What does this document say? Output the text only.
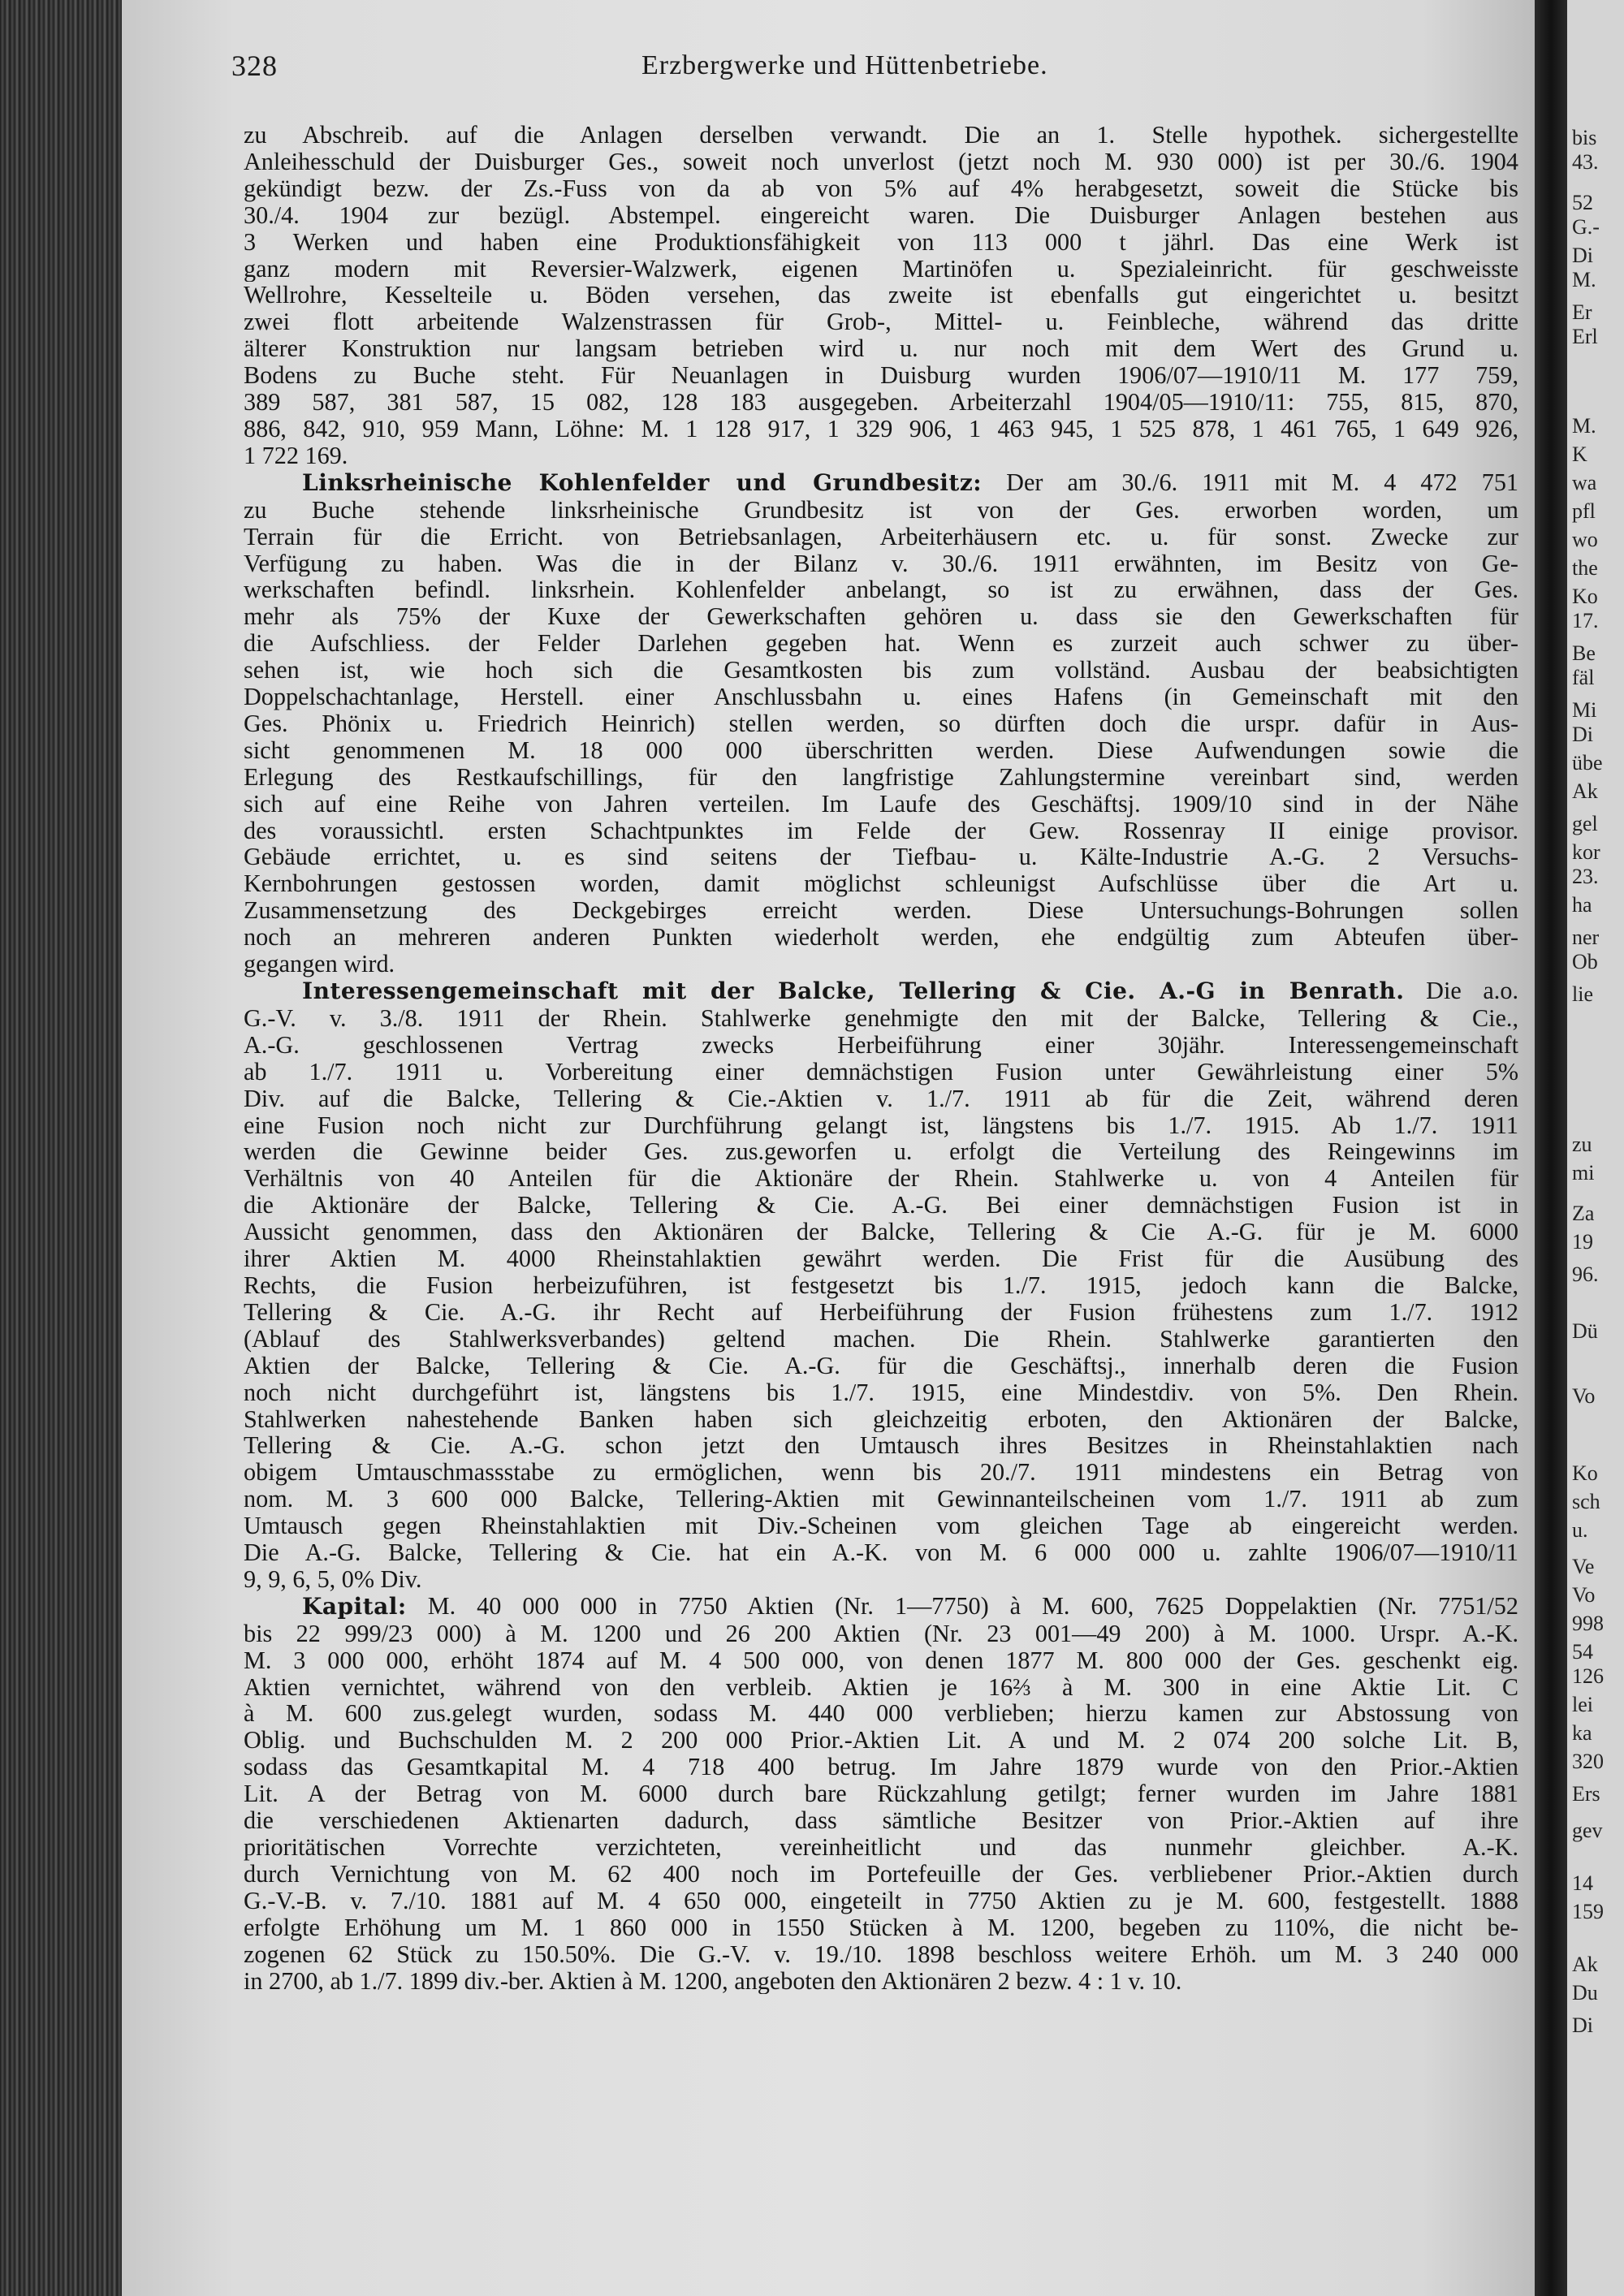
bis
43.
52
G.-
Di
M.
Er
Erl
M.
K
wa
pfl
wo
the
Ko
17.
Be
fäl
Mi
Di
übe
Ak
gel
kor
23.
ha
ner
Ob
lie
zu
mi
Za
19
96.
Dü
Vo
Ko
sch
u.
Ve
Vo
998
54
126
lei
ka
320
Ers
gev
14
159
Ak
Du
Di
328	Erzbergwerke und Hüttenbetriebe.
zu Abschreib. auf die Anlagen derselben verwandt. Die an 1. Stelle hypothek. sichergestellte
Anleihesschuld der Duisburger Ges., soweit noch unverlost (jetzt noch M. 930 000) ist per 30./6. 1904
gekündigt bezw. der Zs.-Fuss von da ab von 5% auf 4% herabgesetzt, soweit die Stücke bis
30./4. 1904 zur bezügl. Abstempel. eingereicht waren. Die Duisburger Anlagen bestehen aus
3 Werken und haben eine Produktionsfähigkeit von 113 000 t jährl. Das eine Werk ist
ganz modern mit Reversier-Walzwerk, eigenen Martinöfen u. Spezialeinricht. für geschweisste
Wellrohre, Kesselteile u. Böden versehen, das zweite ist ebenfalls gut eingerichtet u. besitzt
zwei flott arbeitende Walzenstrassen für Grob-, Mittel- u. Feinbleche, während das dritte
älterer Konstruktion nur langsam betrieben wird u. nur noch mit dem Wert des Grund u.
Bodens zu Buche steht. Für Neuanlagen in Duisburg wurden 1906/07—1910/11 M. 177 759,
389 587, 381 587, 15 082, 128 183 ausgegeben. Arbeiterzahl 1904/05—1910/11: 755, 815, 870,
886, 842, 910, 959 Mann, Löhne: M. 1 128 917, 1 329 906, 1 463 945, 1 525 878, 1 461 765, 1 649 926,
1 722 169.
Linksrheinische Kohlenfelder und Grundbesitz: Der am 30./6. 1911 mit M. 4 472 751
zu Buche stehende linksrheinische Grundbesitz ist von der Ges. erworben worden, um
Terrain für die Erricht. von Betriebsanlagen, Arbeiterhäusern etc. u. für sonst. Zwecke zur
Verfügung zu haben. Was die in der Bilanz v. 30./6. 1911 erwähnten, im Besitz von Ge-
werkschaften befindl. linksrhein. Kohlenfelder anbelangt, so ist zu erwähnen, dass der Ges.
mehr als 75% der Kuxe der Gewerkschaften gehören u. dass sie den Gewerkschaften für
die Aufschliess. der Felder Darlehen gegeben hat. Wenn es zurzeit auch schwer zu über-
sehen ist, wie hoch sich die Gesamtkosten bis zum vollständ. Ausbau der beabsichtigten
Doppelschachtanlage, Herstell. einer Anschlussbahn u. eines Hafens (in Gemeinschaft mit den
Ges. Phönix u. Friedrich Heinrich) stellen werden, so dürften doch die urspr. dafür in Aus-
sicht genommenen M. 18 000 000 überschritten werden. Diese Aufwendungen sowie die
Erlegung des Restkaufschillings, für den langfristige Zahlungstermine vereinbart sind, werden
sich auf eine Reihe von Jahren verteilen. Im Laufe des Geschäftsj. 1909/10 sind in der Nähe
des voraussichtl. ersten Schachtpunktes im Felde der Gew. Rossenray II einige provisor.
Gebäude errichtet, u. es sind seitens der Tiefbau- u. Kälte-Industrie A.-G. 2 Versuchs-
Kernbohrungen gestossen worden, damit möglichst schleunigst Aufschlüsse über die Art u.
Zusammensetzung des Deckgebirges erreicht werden. Diese Untersuchungs-Bohrungen sollen
noch an mehreren anderen Punkten wiederholt werden, ehe endgültig zum Abteufen über-
gegangen wird.
Interessengemeinschaft mit der Balcke, Tellering & Cie. A.-G in Benrath. Die a.o.
G.-V. v. 3./8. 1911 der Rhein. Stahlwerke genehmigte den mit der Balcke, Tellering & Cie.,
A.-G. geschlossenen Vertrag zwecks Herbeiführung einer 30jähr. Interessengemeinschaft
ab 1./7. 1911 u. Vorbereitung einer demnächstigen Fusion unter Gewährleistung einer 5%
Div. auf die Balcke, Tellering & Cie.-Aktien v. 1./7. 1911 ab für die Zeit, während deren
eine Fusion noch nicht zur Durchführung gelangt ist, längstens bis 1./7. 1915. Ab 1./7. 1911
werden die Gewinne beider Ges. zus.geworfen u. erfolgt die Verteilung des Reingewinns im
Verhältnis von 40 Anteilen für die Aktionäre der Rhein. Stahlwerke u. von 4 Anteilen für
die Aktionäre der Balcke, Tellering & Cie. A.-G. Bei einer demnächstigen Fusion ist in
Aussicht genommen, dass den Aktionären der Balcke, Tellering & Cie A.-G. für je M. 6000
ihrer Aktien M. 4000 Rheinstahlaktien gewährt werden. Die Frist für die Ausübung des
Rechts, die Fusion herbeizuführen, ist festgesetzt bis 1./7. 1915, jedoch kann die Balcke,
Tellering & Cie. A.-G. ihr Recht auf Herbeiführung der Fusion frühestens zum 1./7. 1912
(Ablauf des Stahlwerksverbandes) geltend machen. Die Rhein. Stahlwerke garantierten den
Aktien der Balcke, Tellering & Cie. A.-G. für die Geschäftsj., innerhalb deren die Fusion
noch nicht durchgeführt ist, längstens bis 1./7. 1915, eine Mindestdiv. von 5%. Den Rhein.
Stahlwerken nahestehende Banken haben sich gleichzeitig erboten, den Aktionären der Balcke,
Tellering & Cie. A.-G. schon jetzt den Umtausch ihres Besitzes in Rheinstahlaktien nach
obigem Umtauschmassstabe zu ermöglichen, wenn bis 20./7. 1911 mindestens ein Betrag von
nom. M. 3 600 000 Balcke, Tellering-Aktien mit Gewinnanteilscheinen vom 1./7. 1911 ab zum
Umtausch gegen Rheinstahlaktien mit Div.-Scheinen vom gleichen Tage ab eingereicht werden.
Die A.-G. Balcke, Tellering & Cie. hat ein A.-K. von M. 6 000 000 u. zahlte 1906/07—1910/11
9, 9, 6, 5, 0% Div.
Kapital: M. 40 000 000 in 7750 Aktien (Nr. 1—7750) à M. 600, 7625 Doppelaktien (Nr. 7751/52
bis 22 999/23 000) à M. 1200 und 26 200 Aktien (Nr. 23 001—49 200) à M. 1000. Urspr. A.-K.
M. 3 000 000, erhöht 1874 auf M. 4 500 000, von denen 1877 M. 800 000 der Ges. geschenkt eig.
Aktien vernichtet, während von den verbleib. Aktien je 16⅔ à M. 300 in eine Aktie Lit. C
à M. 600 zus.gelegt wurden, sodass M. 440 000 verblieben; hierzu kamen zur Abstossung von
Oblig. und Buchschulden M. 2 200 000 Prior.-Aktien Lit. A und M. 2 074 200 solche Lit. B,
sodass das Gesamtkapital M. 4 718 400 betrug. Im Jahre 1879 wurde von den Prior.-Aktien
Lit. A der Betrag von M. 6000 durch bare Rückzahlung getilgt; ferner wurden im Jahre 1881
die verschiedenen Aktienarten dadurch, dass sämtliche Besitzer von Prior.-Aktien auf ihre
prioritätischen Vorrechte verzichteten, vereinheitlicht und das nunmehr gleichber. A.-K.
durch Vernichtung von M. 62 400 noch im Portefeuille der Ges. verbliebener Prior.-Aktien durch
G.-V.-B. v. 7./10. 1881 auf M. 4 650 000, eingeteilt in 7750 Aktien zu je M. 600, festgestellt. 1888
erfolgte Erhöhung um M. 1 860 000 in 1550 Stücken à M. 1200, begeben zu 110%, die nicht be-
zogenen 62 Stück zu 150.50%. Die G.-V. v. 19./10. 1898 beschloss weitere Erhöh. um M. 3 240 000
in 2700, ab 1./7. 1899 div.-ber. Aktien à M. 1200, angeboten den Aktionären 2 bezw. 4 : 1 v. 10.
